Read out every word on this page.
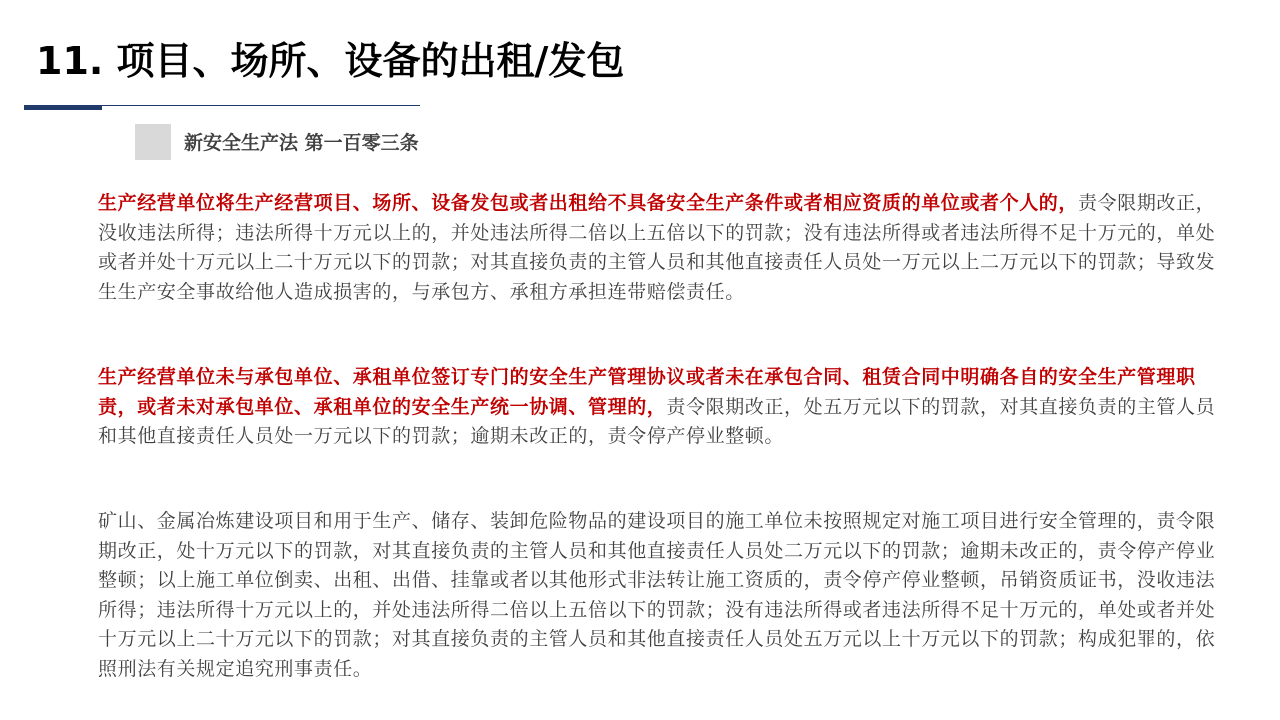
11. 项目、场所、设备的出租/发包
新安全生产法 第一百零三条
生产经营单位将生产经营项目、场所、设备发包或者出租给不具备安全生产条件或者相应资质的单位或者个人的，责令限期改正，没收违法所得；违法所得十万元以上的，并处违法所得二倍以上五倍以下的罚款；没有违法所得或者违法所得不足十万元的，单处或者并处十万元以上二十万元以下的罚款；对其直接负责的主管人员和其他直接责任人员处一万元以上二万元以下的罚款；导致发生生产安全事故给他人造成损害的，与承包方、承租方承担连带赔偿责任。
生产经营单位未与承包单位、承租单位签订专门的安全生产管理协议或者未在承包合同、租赁合同中明确各自的安全生产管理职责，或者未对承包单位、承租单位的安全生产统一协调、管理的，责令限期改正，处五万元以下的罚款，对其直接负责的主管人员和其他直接责任人员处一万元以下的罚款；逾期未改正的，责令停产停业整顿。
矿山、金属冶炼建设项目和用于生产、储存、装卸危险物品的建设项目的施工单位未按照规定对施工项目进行安全管理的，责令限期改正，处十万元以下的罚款，对其直接负责的主管人员和其他直接责任人员处二万元以下的罚款；逾期未改正的，责令停产停业整顿；以上施工单位倒卖、出租、出借、挂靠或者以其他形式非法转让施工资质的，责令停产停业整顿，吊销资质证书，没收违法所得；违法所得十万元以上的，并处违法所得二倍以上五倍以下的罚款；没有违法所得或者违法所得不足十万元的，单处或者并处十万元以上二十万元以下的罚款；对其直接负责的主管人员和其他直接责任人员处五万元以上十万元以下的罚款；构成犯罪的，依照刑法有关规定追究刑事责任。
